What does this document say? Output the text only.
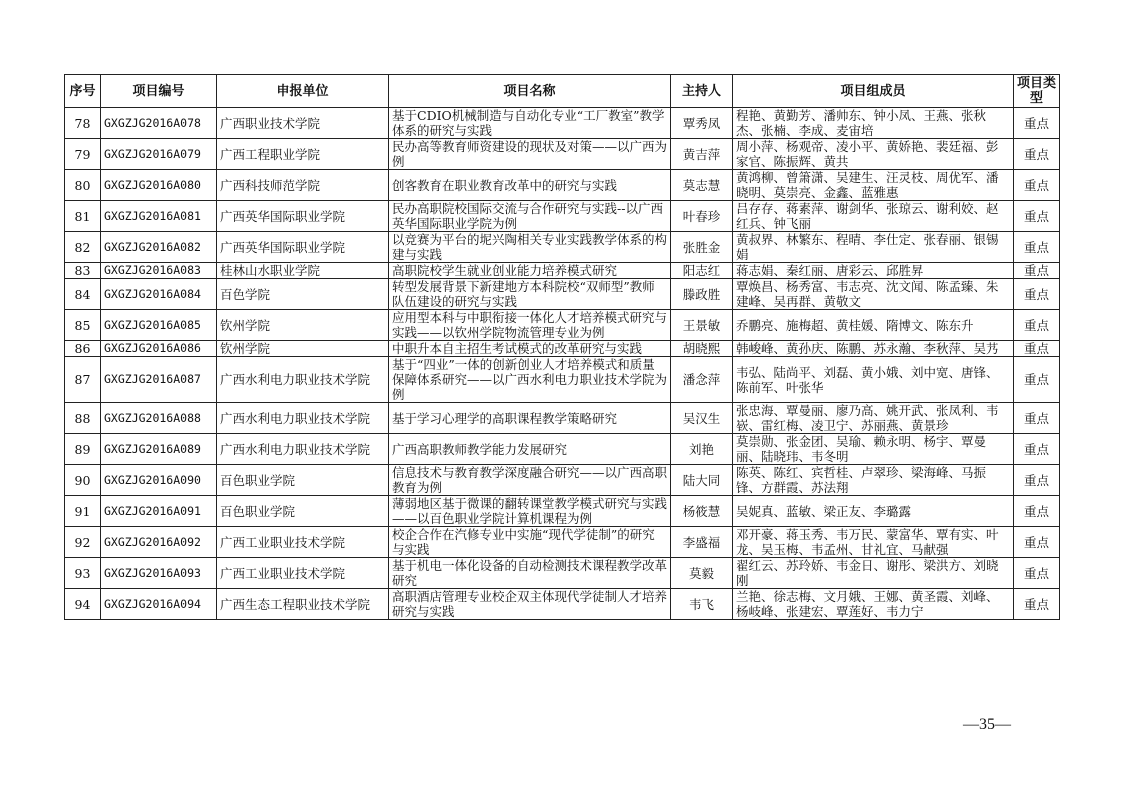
序号	项目编号	申报单位	项目名称	主持人	项目组成员	项目类型
78	GXGZJG2016A078	广西职业技术学院	基于CDIO机械制造与自动化专业“工厂教室”教学体系的研究与实践	覃秀凤	程艳、黄勤芳、潘帅东、钟小凤、王燕、张秋杰、张楠、李成、麦宙培	重点
79	GXGZJG2016A079	广西工程职业学院	民办高等教育师资建设的现状及对策——以广西为例	黄吉萍	周小萍、杨观帝、凌小平、黄娇艳、裴廷福、彭家官、陈振辉、黄共	重点
80	GXGZJG2016A080	广西科技师范学院	创客教育在职业教育改革中的研究与实践	莫志慧	黄鸿柳、曾箫潇、吴建生、汪灵枝、周优军、潘晓明、莫崇亮、金鑫、蓝雅惠	重点
81	GXGZJG2016A081	广西英华国际职业学院	民办高职院校国际交流与合作研究与实践--以广西英华国际职业学院为例	叶春珍	吕存存、蒋素萍、谢剑华、张琼云、谢利姣、赵红兵、钟飞丽	重点
82	GXGZJG2016A082	广西英华国际职业学院	以竞赛为平台的坭兴陶相关专业实践教学体系的构建与实践	张胜金	黄叔界、林繁东、程晴、李仕定、张春丽、银锡娟	重点
83	GXGZJG2016A083	桂林山水职业学院	高职院校学生就业创业能力培养模式研究	阳志红	蒋志娟、秦红丽、唐彩云、邱胜昇	重点
84	GXGZJG2016A084	百色学院	转型发展背景下新建地方本科院校“双师型”教师队伍建设的研究与实践	滕政胜	覃焕昌、杨秀富、韦志亮、沈文闻、陈孟臻、朱建峰、吴再群、黄敬文	重点
85	GXGZJG2016A085	钦州学院	应用型本科与中职衔接一体化人才培养模式研究与实践——以钦州学院物流管理专业为例	王景敏	乔鹏亮、施梅超、黄桂媛、隋博文、陈东升	重点
86	GXGZJG2016A086	钦州学院	中职升本自主招生考试模式的改革研究与实践	胡晓熙	韩峻峰、黄孙庆、陈鹏、苏永瀚、李秋萍、吴艿	重点
87	GXGZJG2016A087	广西水利电力职业技术学院	基于“四业”一体的创新创业人才培养模式和质量保障体系研究——以广西水利电力职业技术学院为例	潘念萍	韦弘、陆尚平、刘磊、黄小娥、刘中宽、唐锋、陈前军、叶张华	重点
88	GXGZJG2016A088	广西水利电力职业技术学院	基于学习心理学的高职课程教学策略研究	吴汉生	张忠海、覃曼丽、廖乃高、姚开武、张凤利、韦嵚、雷红梅、凌卫宁、苏丽燕、黄景珍	重点
89	GXGZJG2016A089	广西水利电力职业技术学院	广西高职教师教学能力发展研究	刘艳	莫崇勋、张金团、吴瑜、赖永明、杨宇、覃曼丽、陆晓玮、韦冬明	重点
90	GXGZJG2016A090	百色职业学院	信息技术与教育教学深度融合研究——以广西高职教育为例	陆大同	陈英、陈红、宾哲桂、卢翠珍、梁海峰、马振锋、方群霞、苏法翔	重点
91	GXGZJG2016A091	百色职业学院	薄弱地区基于微课的翻转课堂教学模式研究与实践——以百色职业学院计算机课程为例	杨筱慧	吴妮真、蓝敏、梁正友、李璐露	重点
92	GXGZJG2016A092	广西工业职业技术学院	校企合作在汽修专业中实施“现代学徒制”的研究与实践	李盛福	邓开豪、蒋玉秀、韦万民、蒙富华、覃有实、叶龙、吴玉梅、韦孟州、甘礼宜、马献强	重点
93	GXGZJG2016A093	广西工业职业技术学院	基于机电一体化设备的自动检测技术课程教学改革研究	莫毅	翟红云、苏玲娇、韦金日、谢彤、梁洪方、刘晓刚	重点
94	GXGZJG2016A094	广西生态工程职业技术学院	高职酒店管理专业校企双主体现代学徒制人才培养研究与实践	韦飞	兰艳、徐志梅、文月娥、王娜、黄圣霞、刘峰、杨岐峰、张建宏、覃莲好、韦力宁	重点
—35—
